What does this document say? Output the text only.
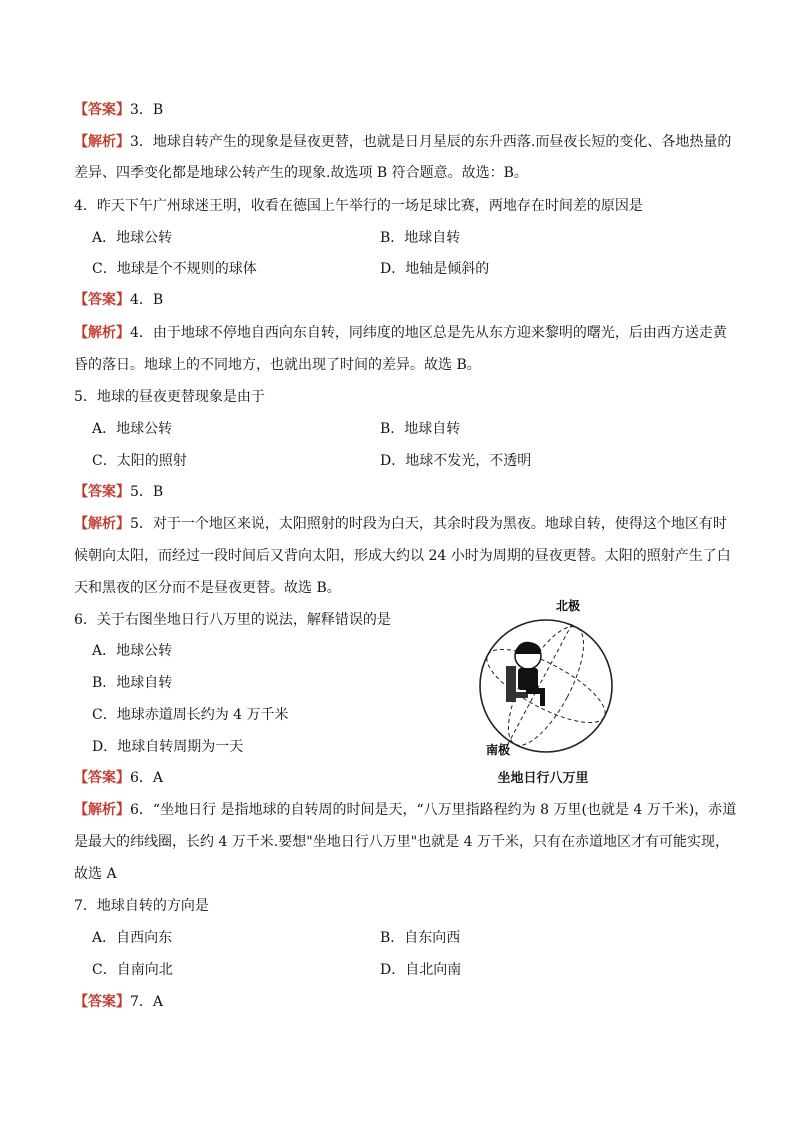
【答案】3．B
【解析】3．地球自转产生的现象是昼夜更替，也就是日月星辰的东升西落.而昼夜长短的变化、各地热量的
差异、四季变化都是地球公转产生的现象.故选项 B 符合题意。故选：B。
4．昨天下午广州球迷王明，收看在德国上午举行的一场足球比赛，两地存在时间差的原因是
A．地球公转	B．地球自转
C．地球是个不规则的球体	D．地轴是倾斜的
【答案】4．B
【解析】4．由于地球不停地自西向东自转，同纬度的地区总是先从东方迎来黎明的曙光，后由西方送走黄
昏的落日。地球上的不同地方，也就出现了时间的差异。故选 B。
5．地球的昼夜更替现象是由于
A．地球公转	B．地球自转
C．太阳的照射	D．地球不发光，不透明
【答案】5．B
【解析】5．对于一个地区来说，太阳照射的时段为白天，其余时段为黑夜。地球自转，使得这个地区有时
候朝向太阳，而经过一段时间后又背向太阳，形成大约以 24 小时为周期的昼夜更替。太阳的照射产生了白
天和黑夜的区分而不是昼夜更替。故选 B。
6．关于右图坐地日行八万里的说法，解释错误的是
A．地球公转
B．地球自转
C．地球赤道周长约为 4 万千米
D．地球自转周期为一天
北极
南极
坐地日行八万里
【答案】6．A
【解析】6．“坐地日行 是指地球的自转周的时间是天，“八万里指路程约为 8 万里(也就是 4 万千米)，赤道
是最大的纬线圈，长约 4 万千米.要想"坐地日行八万里"也就是 4 万千米，只有在赤道地区才有可能实现，
故选 A
7．地球自转的方向是
A．自西向东	B．自东向西
C．自南向北	D．自北向南
【答案】7．A
